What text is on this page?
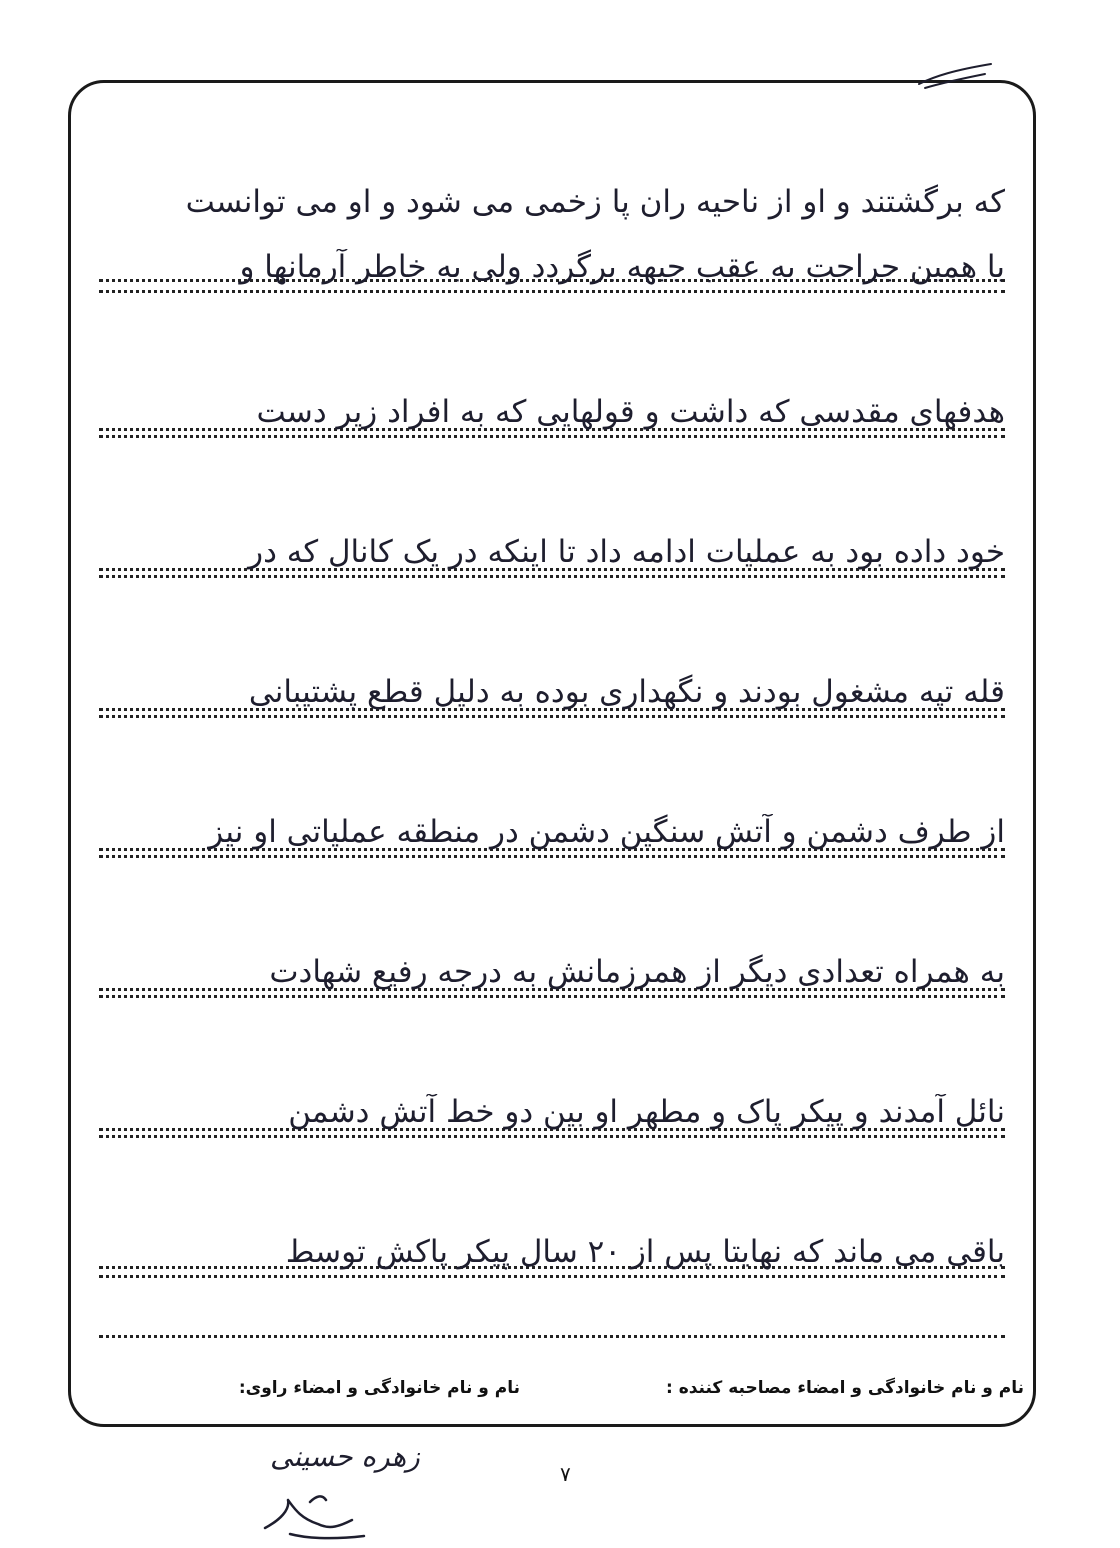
که برگشتند و او از ناحیه ران پا زخمی می شود و او می توانست
با همین جراحت به عقب جبهه برگردد ولی به خاطر آرمانها و
هدفهای مقدسی که داشت و قولهایی که به افراد زیر دست
خود داده بود به عملیات ادامه داد تا اینکه در یک کانال که در
قله تپه مشغول بودند و نگهداری بوده به دلیل قطع پشتیبانی
از طرف دشمن و آتش سنگین دشمن در منطقه عملیاتی او نیز
به همراه تعدادی دیگر از همرزمانش به درجه رفیع شهادت
نائل آمدند و پیکر پاک و مطهر او بین دو خط آتش دشمن
باقی می ماند که نهایتا پس از ۲۰ سال پیکر پاکش توسط
نام و نام خانوادگی و امضاء مصاحبه کننده :
نام و نام خانوادگی و امضاء راوی:
زهره حسینی
۷
